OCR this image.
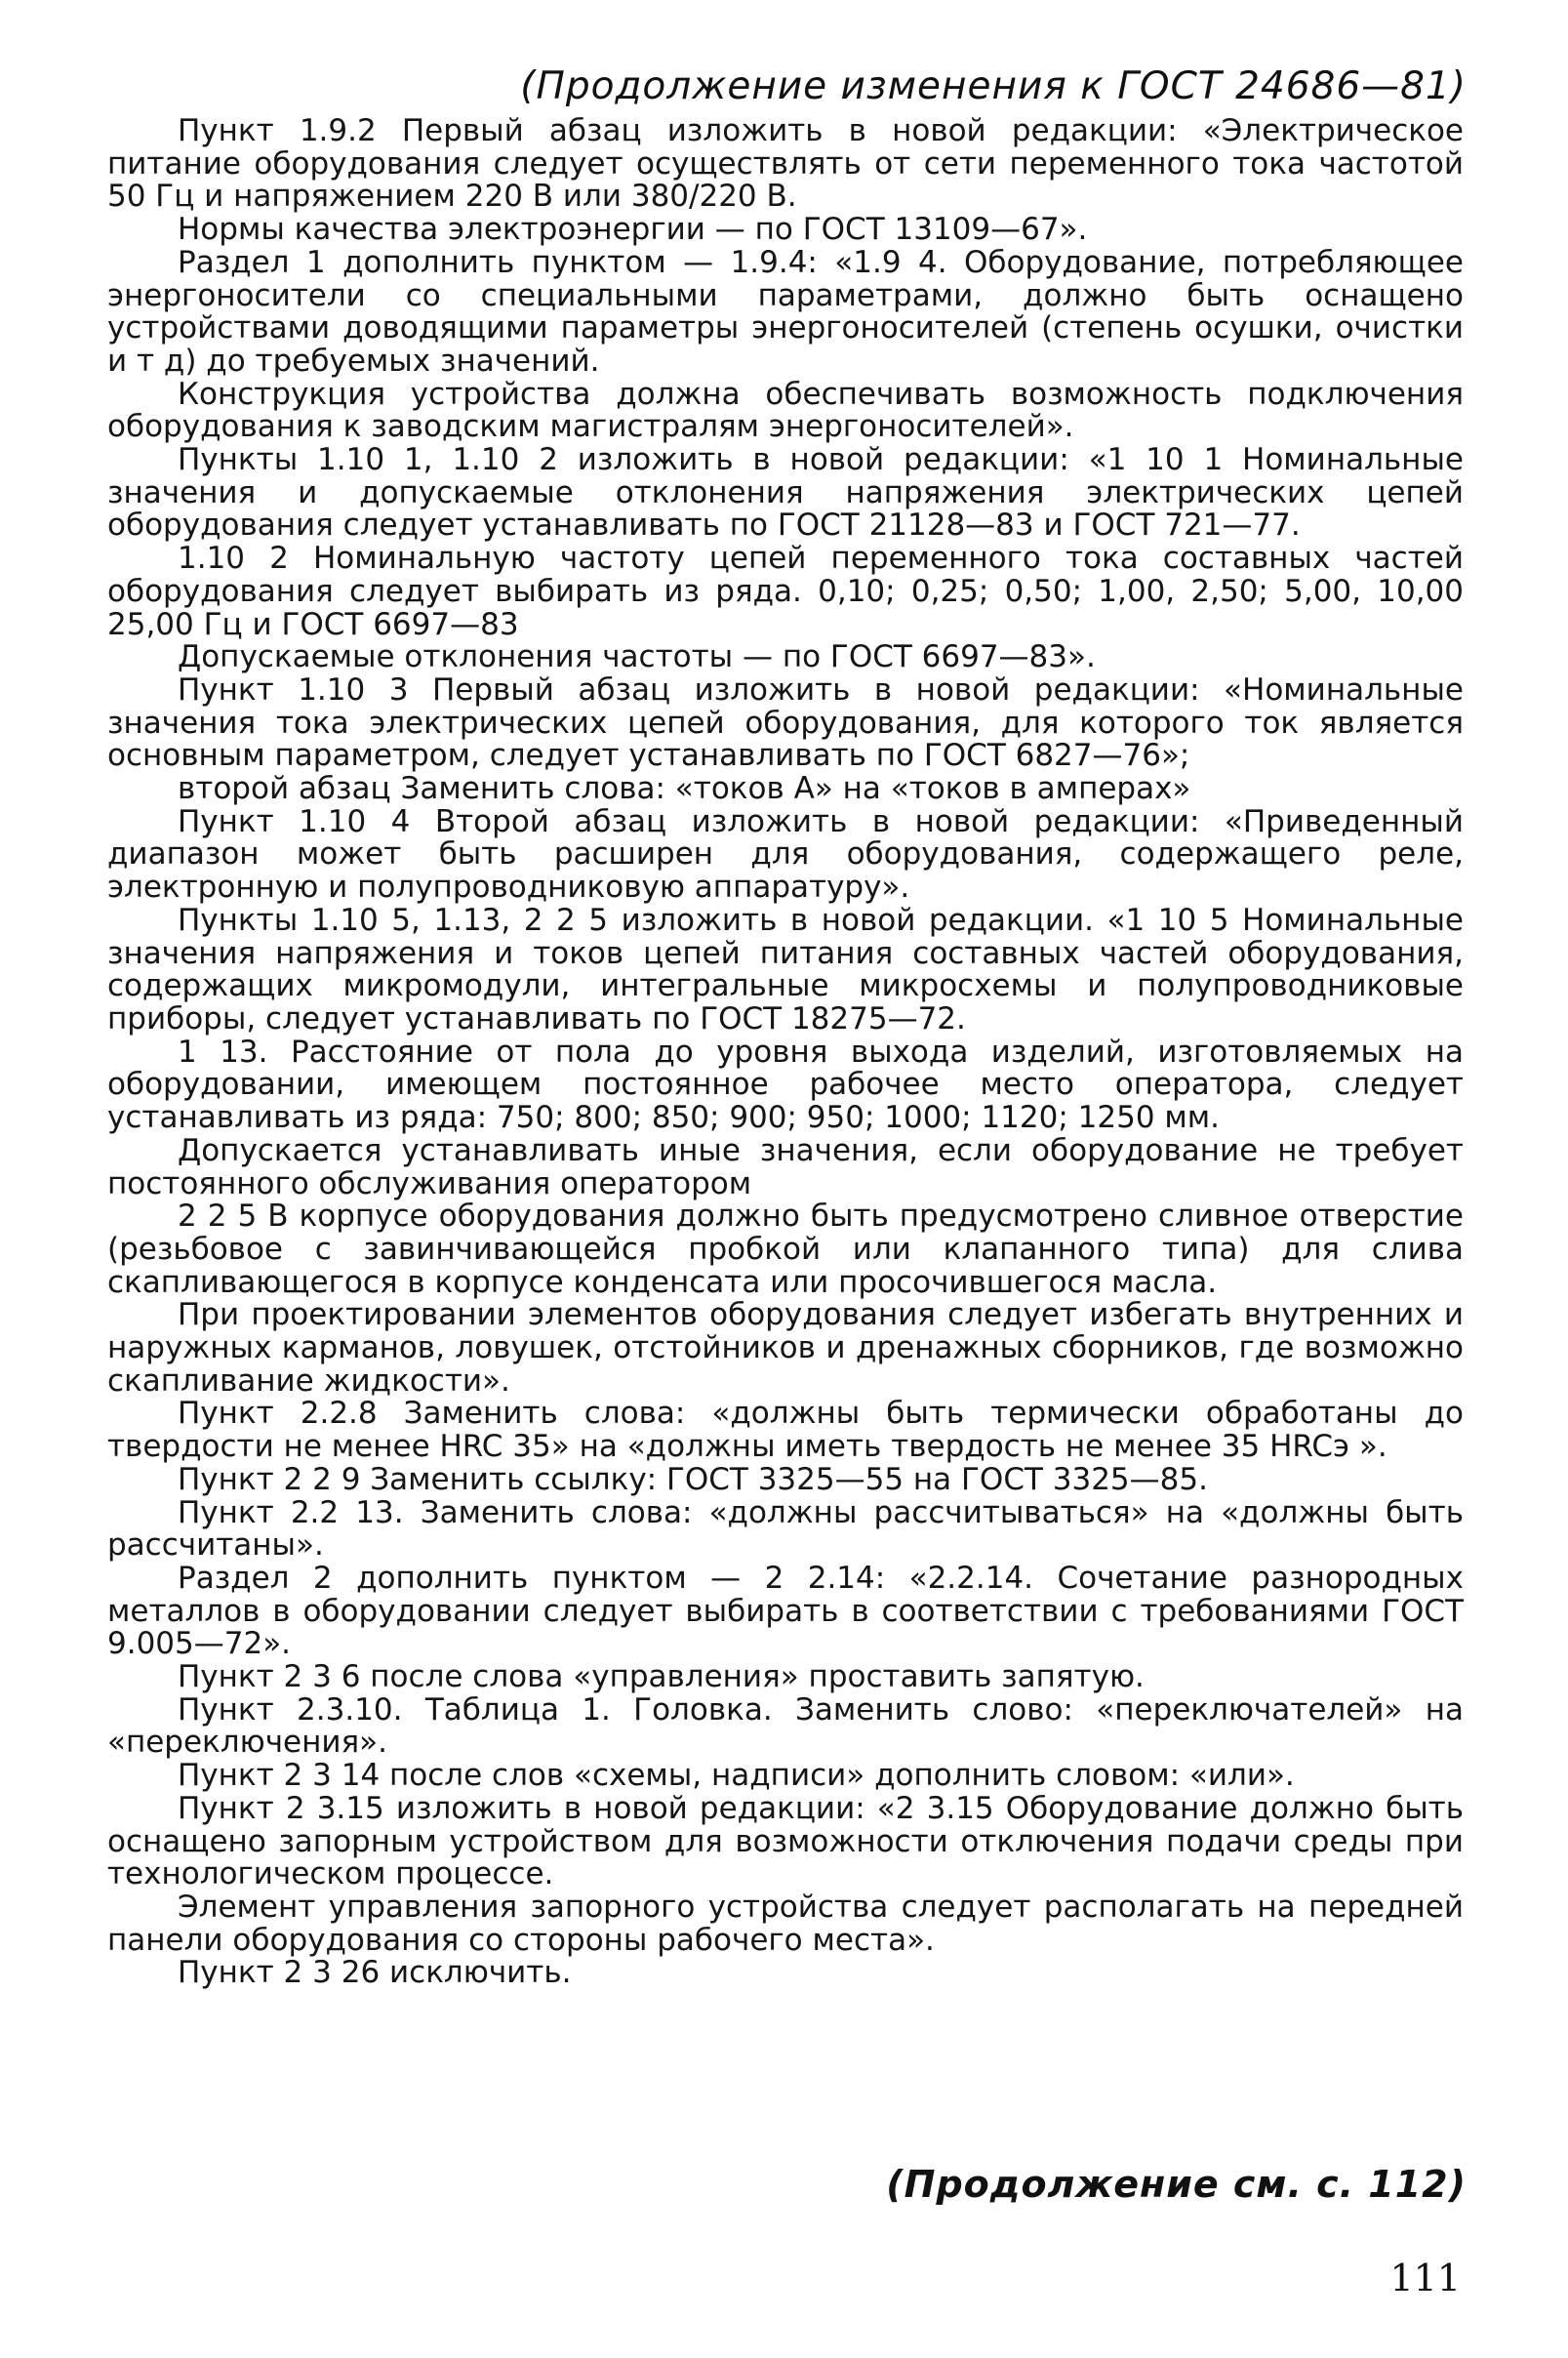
(Продолжение изменения к ГОСТ 24686—81)

Пункт 1.9.2 Первый абзац изложить в новой редакции: «Электрическое питание оборудования следует осуществлять от сети переменного тока частотой 50 Гц и напряжением 220 В или 380/220 В.

Нормы качества электроэнергии — по ГОСТ 13109—67».

Раздел 1 дополнить пунктом — 1.9.4: «1.9 4. Оборудование, потребляющее энергоносители со специальными параметрами, должно быть оснащено устройствами доводящими параметры энергоносителей (степень осушки, очистки и т д) до требуемых значений.

Конструкция устройства должна обеспечивать возможность подключения оборудования к заводским магистралям энергоносителей».

Пункты 1.10 1, 1.10 2 изложить в новой редакции: «1 10 1 Номинальные значения и допускаемые отклонения напряжения электрических цепей оборудования следует устанавливать по ГОСТ 21128—83 и ГОСТ 721—77.

1.10 2 Номинальную частоту цепей переменного тока составных частей оборудования следует выбирать из ряда. 0,10; 0,25; 0,50; 1,00, 2,50; 5,00, 10,00 25,00 Гц и ГОСТ 6697—83

Допускаемые отклонения частоты — по ГОСТ 6697—83».

Пункт 1.10 3 Первый абзац изложить в новой редакции: «Номинальные значения тока электрических цепей оборудования, для которого ток является основным параметром, следует устанавливать по ГОСТ 6827—76»;

второй абзац Заменить слова: «токов А» на «токов в амперах»

Пункт 1.10 4 Второй абзац изложить в новой редакции: «Приведенный диапазон может быть расширен для оборудования, содержащего реле, электронную и полупроводниковую аппаратуру».

Пункты 1.10 5, 1.13, 2 2 5 изложить в новой редакции. «1 10 5 Номинальные значения напряжения и токов цепей питания составных частей оборудования, содержащих микромодули, интегральные микросхемы и полупроводниковые приборы, следует устанавливать по ГОСТ 18275—72.

1 13. Расстояние от пола до уровня выхода изделий, изготовляемых на оборудовании, имеющем постоянное рабочее место оператора, следует устанавливать из ряда: 750; 800; 850; 900; 950; 1000; 1120; 1250 мм.

Допускается устанавливать иные значения, если оборудование не требует постоянного обслуживания оператором

2 2 5 В корпусе оборудования должно быть предусмотрено сливное отверстие (резьбовое с завинчивающейся пробкой или клапанного типа) для слива скапливающегося в корпусе конденсата или просочившегося масла.

При проектировании элементов оборудования следует избегать внутренних и наружных карманов, ловушек, отстойников и дренажных сборников, где возможно скапливание жидкости».

Пункт 2.2.8 Заменить слова: «должны быть термически обработаны до твердости не менее HRC 35» на «должны иметь твердость не менее 35 HRCэ ».

Пункт 2 2 9 Заменить ссылку: ГОСТ 3325—55 на ГОСТ 3325—85.

Пункт 2.2 13. Заменить слова: «должны рассчитываться» на «должны быть рассчитаны».

Раздел 2 дополнить пунктом — 2 2.14: «2.2.14. Сочетание разнородных металлов в оборудовании следует выбирать в соответствии с требованиями ГОСТ 9.005—72».

Пункт 2 3 6 после слова «управления» проставить запятую.

Пункт 2.3.10. Таблица 1. Головка. Заменить слово: «переключателей» на «переключения».

Пункт 2 3 14 после слов «схемы, надписи» дополнить словом: «или».

Пункт 2 3.15 изложить в новой редакции: «2 3.15 Оборудование должно быть оснащено запорным устройством для возможности отключения подачи среды при технологическом процессе.

Элемент управления запорного устройства следует располагать на передней панели оборудования со стороны рабочего места».

Пункт 2 3 26 исключить.

(Продолжение см. с. 112)
111
